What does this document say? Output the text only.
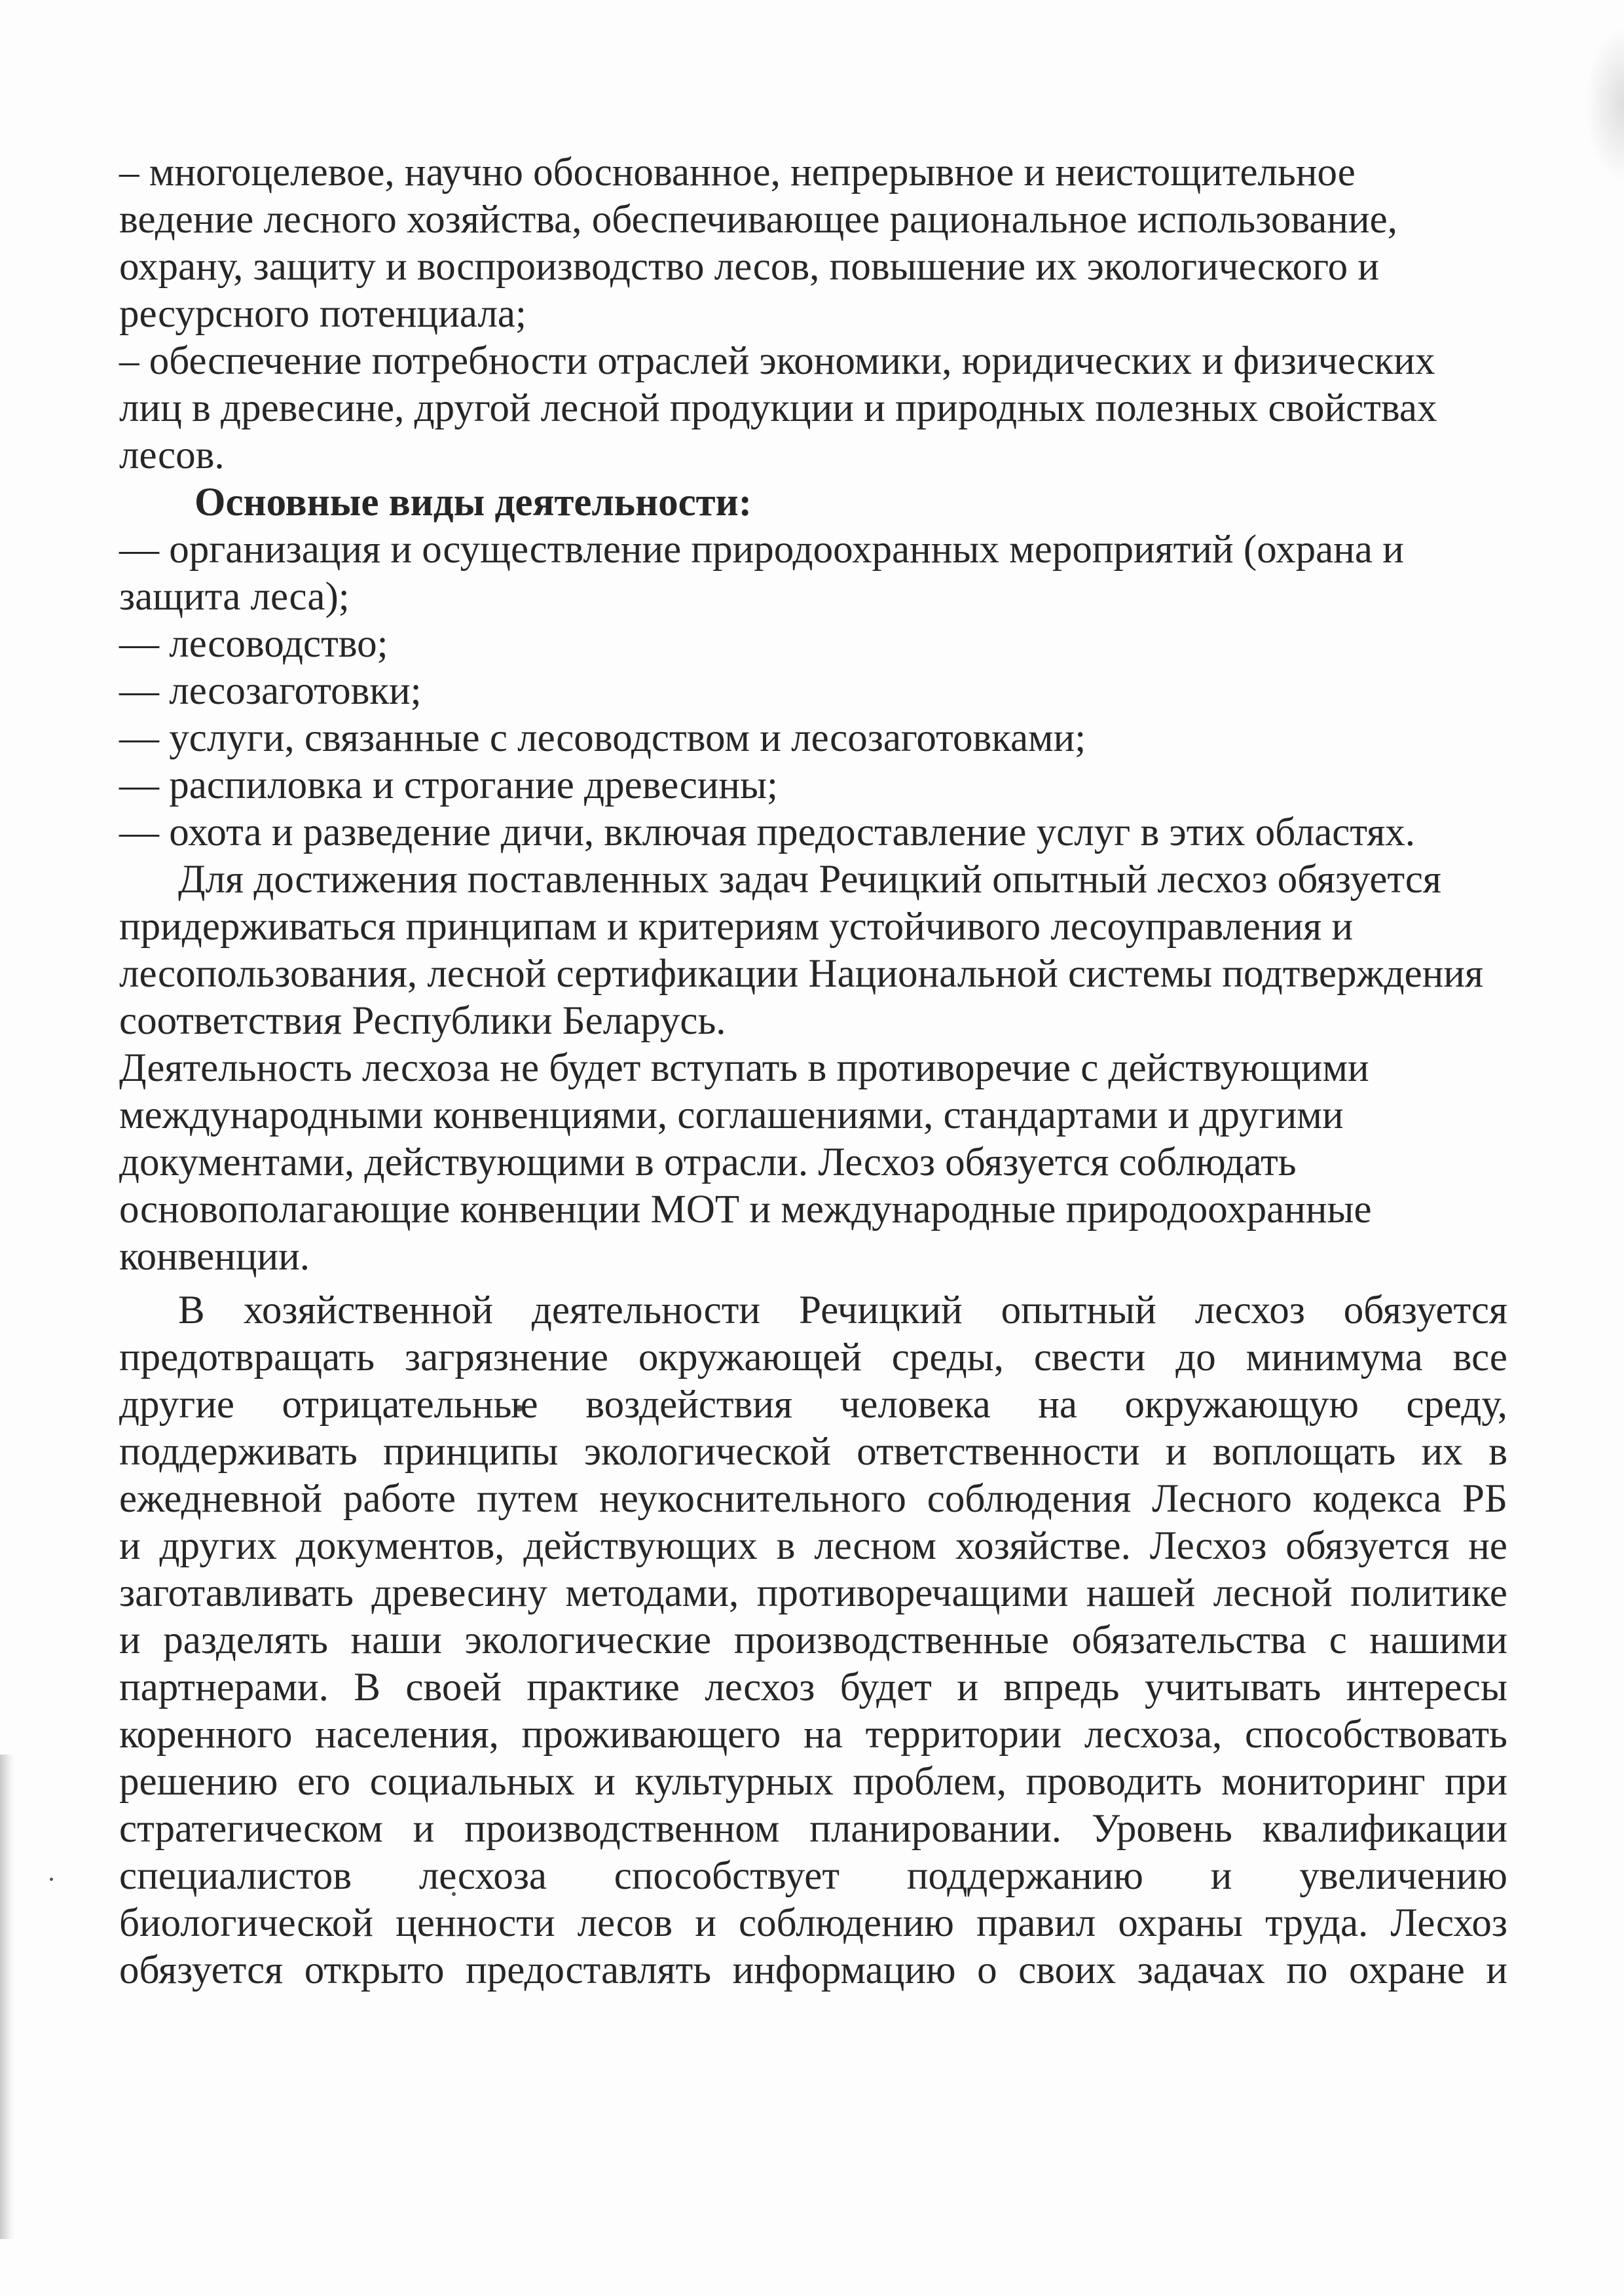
– многоцелевое, научно обоснованное, непрерывное и неистощительное
ведение лесного хозяйства, обеспечивающее рациональное использование,
охрану, защиту и воспроизводство лесов, повышение их экологического и
ресурсного потенциала;
– обеспечение потребности отраслей экономики, юридических и физических
лиц в древесине, другой лесной продукции и природных полезных свойствах
лесов.
Основные виды деятельности:
— организация и осуществление природоохранных мероприятий (охрана и
защита леса);
— лесоводство;
— лесозаготовки;
— услуги, связанные с лесоводством и лесозаготовками;
— распиловка и строгание древесины;
— охота и разведение дичи, включая предоставление услуг в этих областях.
Для достижения поставленных задач Речицкий опытный лесхоз обязуется
придерживаться принципам и критериям устойчивого лесоуправления и
лесопользования, лесной сертификации Национальной системы подтверждения
соответствия Республики Беларусь.
Деятельность лесхоза не будет вступать в противоречие с действующими
международными конвенциями, соглашениями, стандартами и другими
документами, действующими в отрасли. Лесхоз обязуется соблюдать
основополагающие конвенции МОТ и международные природоохранные
конвенции.
В хозяйственной деятельности Речицкий опытный лесхоз обязуется
предотвращать загрязнение окружающей среды, свести до минимума все
другие отрицательные воздействия человека на окружающую среду,
поддерживать принципы экологической ответственности и воплощать их в
ежедневной работе путем неукоснительного соблюдения Лесного кодекса РБ
и других документов, действующих в лесном хозяйстве. Лесхоз обязуется не
заготавливать древесину методами, противоречащими нашей лесной политике
и разделять наши экологические производственные обязательства с нашими
партнерами. В своей практике лесхоз будет и впредь учитывать интересы
коренного населения, проживающего на территории лесхоза, способствовать
решению его социальных и культурных проблем, проводить мониторинг при
стратегическом и производственном планировании. Уровень квалификации
специалистов лесхоза способствует поддержанию и увеличению
биологической ценности лесов и соблюдению правил охраны труда. Лесхоз
обязуется открыто предоставлять информацию о своих задачах по охране и
